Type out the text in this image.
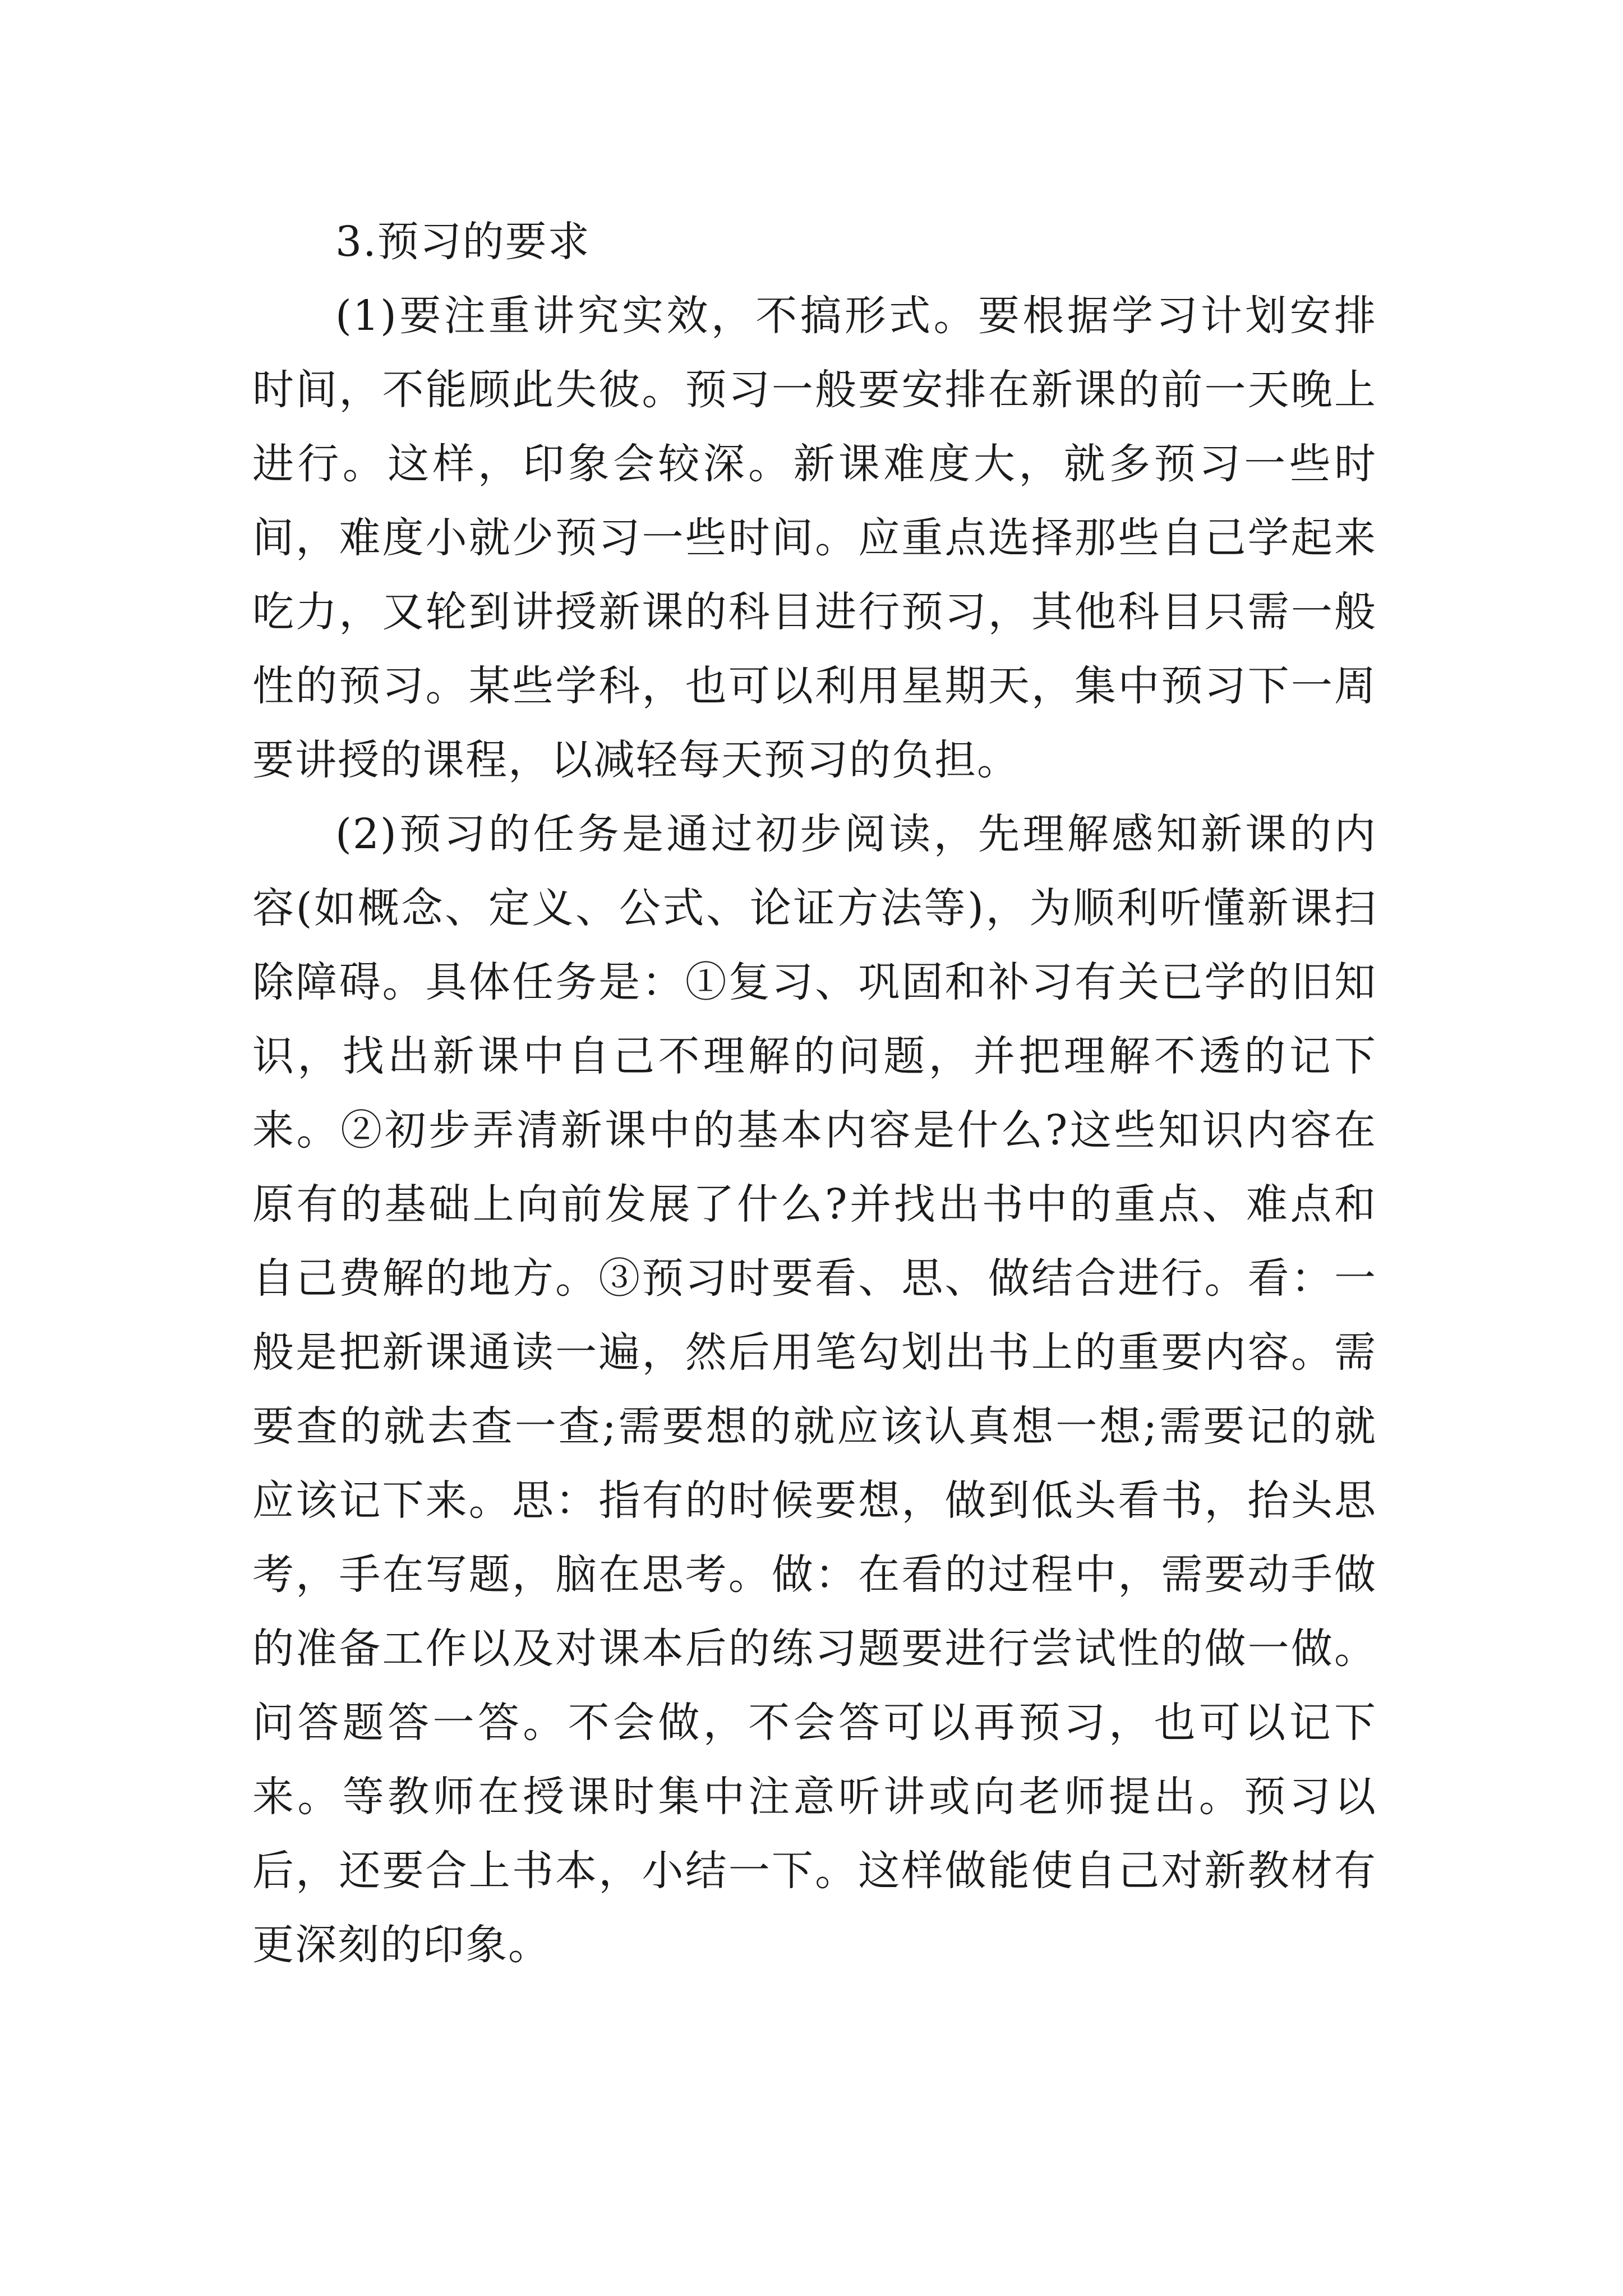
3.预习的要求

(1)要注重讲究实效，不搞形式。要根据学习计划安排时间，不能顾此失彼。预习一般要安排在新课的前一天晚上进行。这样，印象会较深。新课难度大，就多预习一些时间，难度小就少预习一些时间。应重点选择那些自己学起来吃力，又轮到讲授新课的科目进行预习，其他科目只需一般性的预习。某些学科，也可以利用星期天，集中预习下一周要讲授的课程，以减轻每天预习的负担。

(2)预习的任务是通过初步阅读，先理解感知新课的内容(如概念、定义、公式、论证方法等)，为顺利听懂新课扫除障碍。具体任务是：①复习、巩固和补习有关已学的旧知识，找出新课中自己不理解的问题，并把理解不透的记下来。②初步弄清新课中的基本内容是什么?这些知识内容在原有的基础上向前发展了什么?并找出书中的重点、难点和自己费解的地方。③预习时要看、思、做结合进行。看：一般是把新课通读一遍，然后用笔勾划出书上的重要内容。需要查的就去查一查;需要想的就应该认真想一想;需要记的就应该记下来。思：指有的时候要想，做到低头看书，抬头思考，手在写题，脑在思考。做：在看的过程中，需要动手做的准备工作以及对课本后的练习题要进行尝试性的做一做。问答题答一答。不会做，不会答可以再预习，也可以记下来。等教师在授课时集中注意听讲或向老师提出。预习以后，还要合上书本，小结一下。这样做能使自己对新教材有更深刻的印象。
